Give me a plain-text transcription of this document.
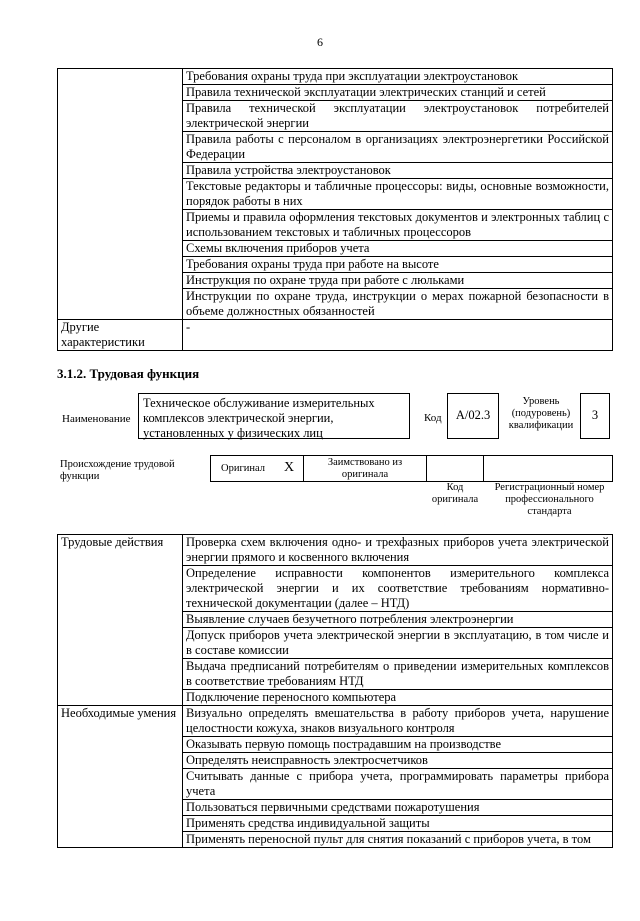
6
	Требования охраны труда при эксплуатации электроустановок
	Правила технической эксплуатации электрических станций и сетей
	Правила технической эксплуатации электроустановок потребителей электрической энергии
	Правила работы с персоналом в организациях электроэнергетики Российской Федерации
	Правила устройства электроустановок
	Текстовые редакторы и табличные процессоры: виды, основные возможности, порядок работы в них
	Приемы и правила оформления текстовых документов и электронных таблиц с использованием текстовых и табличных процессоров
	Схемы включения приборов учета
	Требования охраны труда при работе на высоте
	Инструкция по охране труда при работе с люльками
	Инструкции по охране труда, инструкции о мерах пожарной безопасности в объеме должностных обязанностей
Другие характеристики	-
3.1.2. Трудовая функция
Наименование
Техническое обслуживание измерительных комплексов электрической энергии, установленных у физических лиц
Код	А/02.3
Уровень (подуровень) квалификации
3
Происхождение трудовой функции
Оригинал X	Заимствовано из оригинала
Код оригинала
Регистрационный номер профессионального стандарта
Трудовые действия	Проверка схем включения одно- и трехфазных приборов учета электрической энергии прямого и косвенного включения
	Определение исправности компонентов измерительного комплекса электрической энергии и их соответствие требованиям нормативно-технической документации (далее – НТД)
	Выявление случаев безучетного потребления электроэнергии
	Допуск приборов учета электрической энергии в эксплуатацию, в том числе и в составе комиссии
	Выдача предписаний потребителям о приведении измерительных комплексов в соответствие требованиям НТД
	Подключение переносного компьютера
Необходимые умения	Визуально определять вмешательства в работу приборов учета, нарушение целостности кожуха, знаков визуального контроля
	Оказывать первую помощь пострадавшим на производстве
	Определять неисправность электросчетчиков
	Считывать данные с прибора учета, программировать параметры прибора учета
	Пользоваться первичными средствами пожаротушения
	Применять средства индивидуальной защиты
	Применять переносной пульт для снятия показаний с приборов учета, в том
